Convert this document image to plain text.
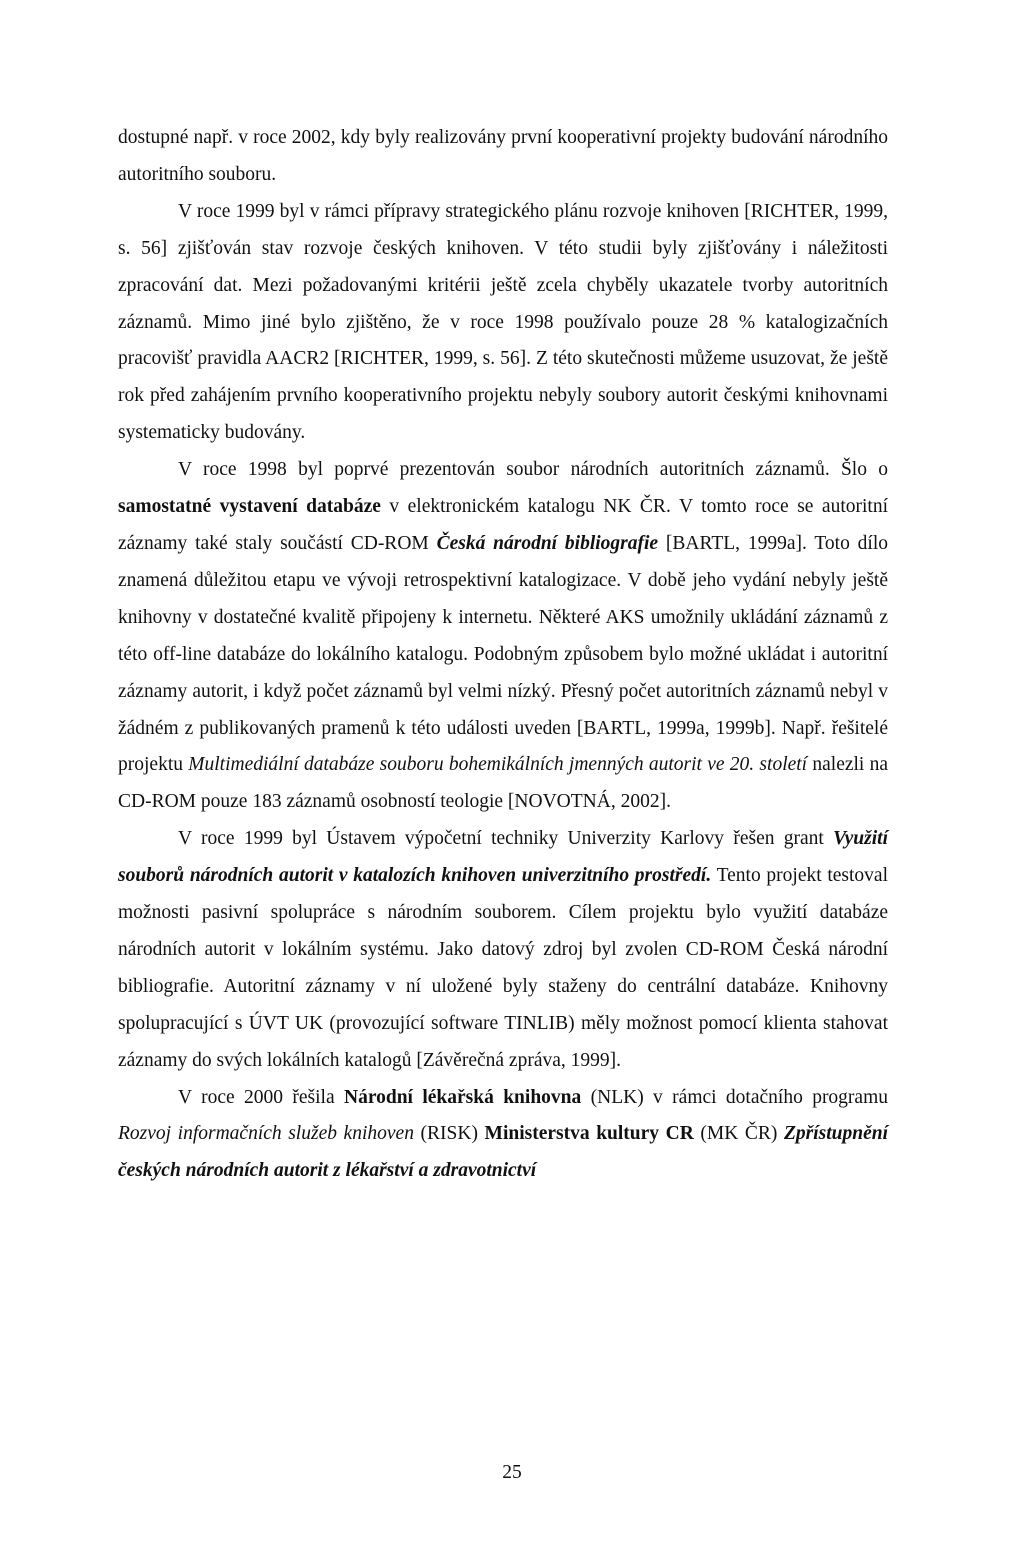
dostupné např. v roce 2002, kdy byly realizovány první kooperativní projekty budování národního autoritního souboru.

V roce 1999 byl v rámci přípravy strategického plánu rozvoje knihoven [RICHTER, 1999, s. 56] zjišťován stav rozvoje českých knihoven. V této studii byly zjišťovány i náležitosti zpracování dat. Mezi požadovanými kritérii ještě zcela chyběly ukazatele tvorby autoritních záznamů. Mimo jiné bylo zjištěno, že v roce 1998 používalo pouze 28 % katalogizačních pracovišť pravidla AACR2 [RICHTER, 1999, s. 56]. Z této skutečnosti můžeme usuzovat, že ještě rok před zahájením prvního kooperativního projektu nebyly soubory autorit českými knihovnami systematicky budovány.

V roce 1998 byl poprvé prezentován soubor národních autoritních záznamů. Šlo o samostatné vystavení databáze v elektronickém katalogu NK ČR. V tomto roce se autoritní záznamy také staly součástí CD-ROM Česká národní bibliografie [BARTL, 1999a]. Toto dílo znamená důležitou etapu ve vývoji retrospektivní katalogizace. V době jeho vydání nebyly ještě knihovny v dostatečné kvalitě připojeny k internetu. Některé AKS umožnily ukládání záznamů z této off-line databáze do lokálního katalogu. Podobným způsobem bylo možné ukládat i autoritní záznamy autorit, i když počet záznamů byl velmi nízký. Přesný počet autoritních záznamů nebyl v žádném z publikovaných pramenů k této události uveden [BARTL, 1999a, 1999b]. Např. řešitelé projektu Multimediální databáze souboru bohemikálních jmenných autorit ve 20. století nalezli na CD-ROM pouze 183 záznamů osobností teologie [NOVOTNÁ, 2002].

V roce 1999 byl Ústavem výpočetní techniky Univerzity Karlovy řešen grant Využití souborů národních autorit v katalozích knihoven univerzitního prostředí. Tento projekt testoval možnosti pasivní spolupráce s národním souborem. Cílem projektu bylo využití databáze národních autorit v lokálním systému. Jako datový zdroj byl zvolen CD-ROM Česká národní bibliografie. Autoritní záznamy v ní uložené byly staženy do centrální databáze. Knihovny spolupracující s ÚVT UK (provozující software TINLIB) měly možnost pomocí klienta stahovat záznamy do svých lokálních katalogů [Závěrečná zpráva, 1999].

V roce 2000 řešila Národní lékařská knihovna (NLK) v rámci dotačního programu Rozvoj informačních služeb knihoven (RISK) Ministerstva kultury CR (MK ČR) Zpřístupnění českých národních autorit z lékařství a zdravotnictví

25
